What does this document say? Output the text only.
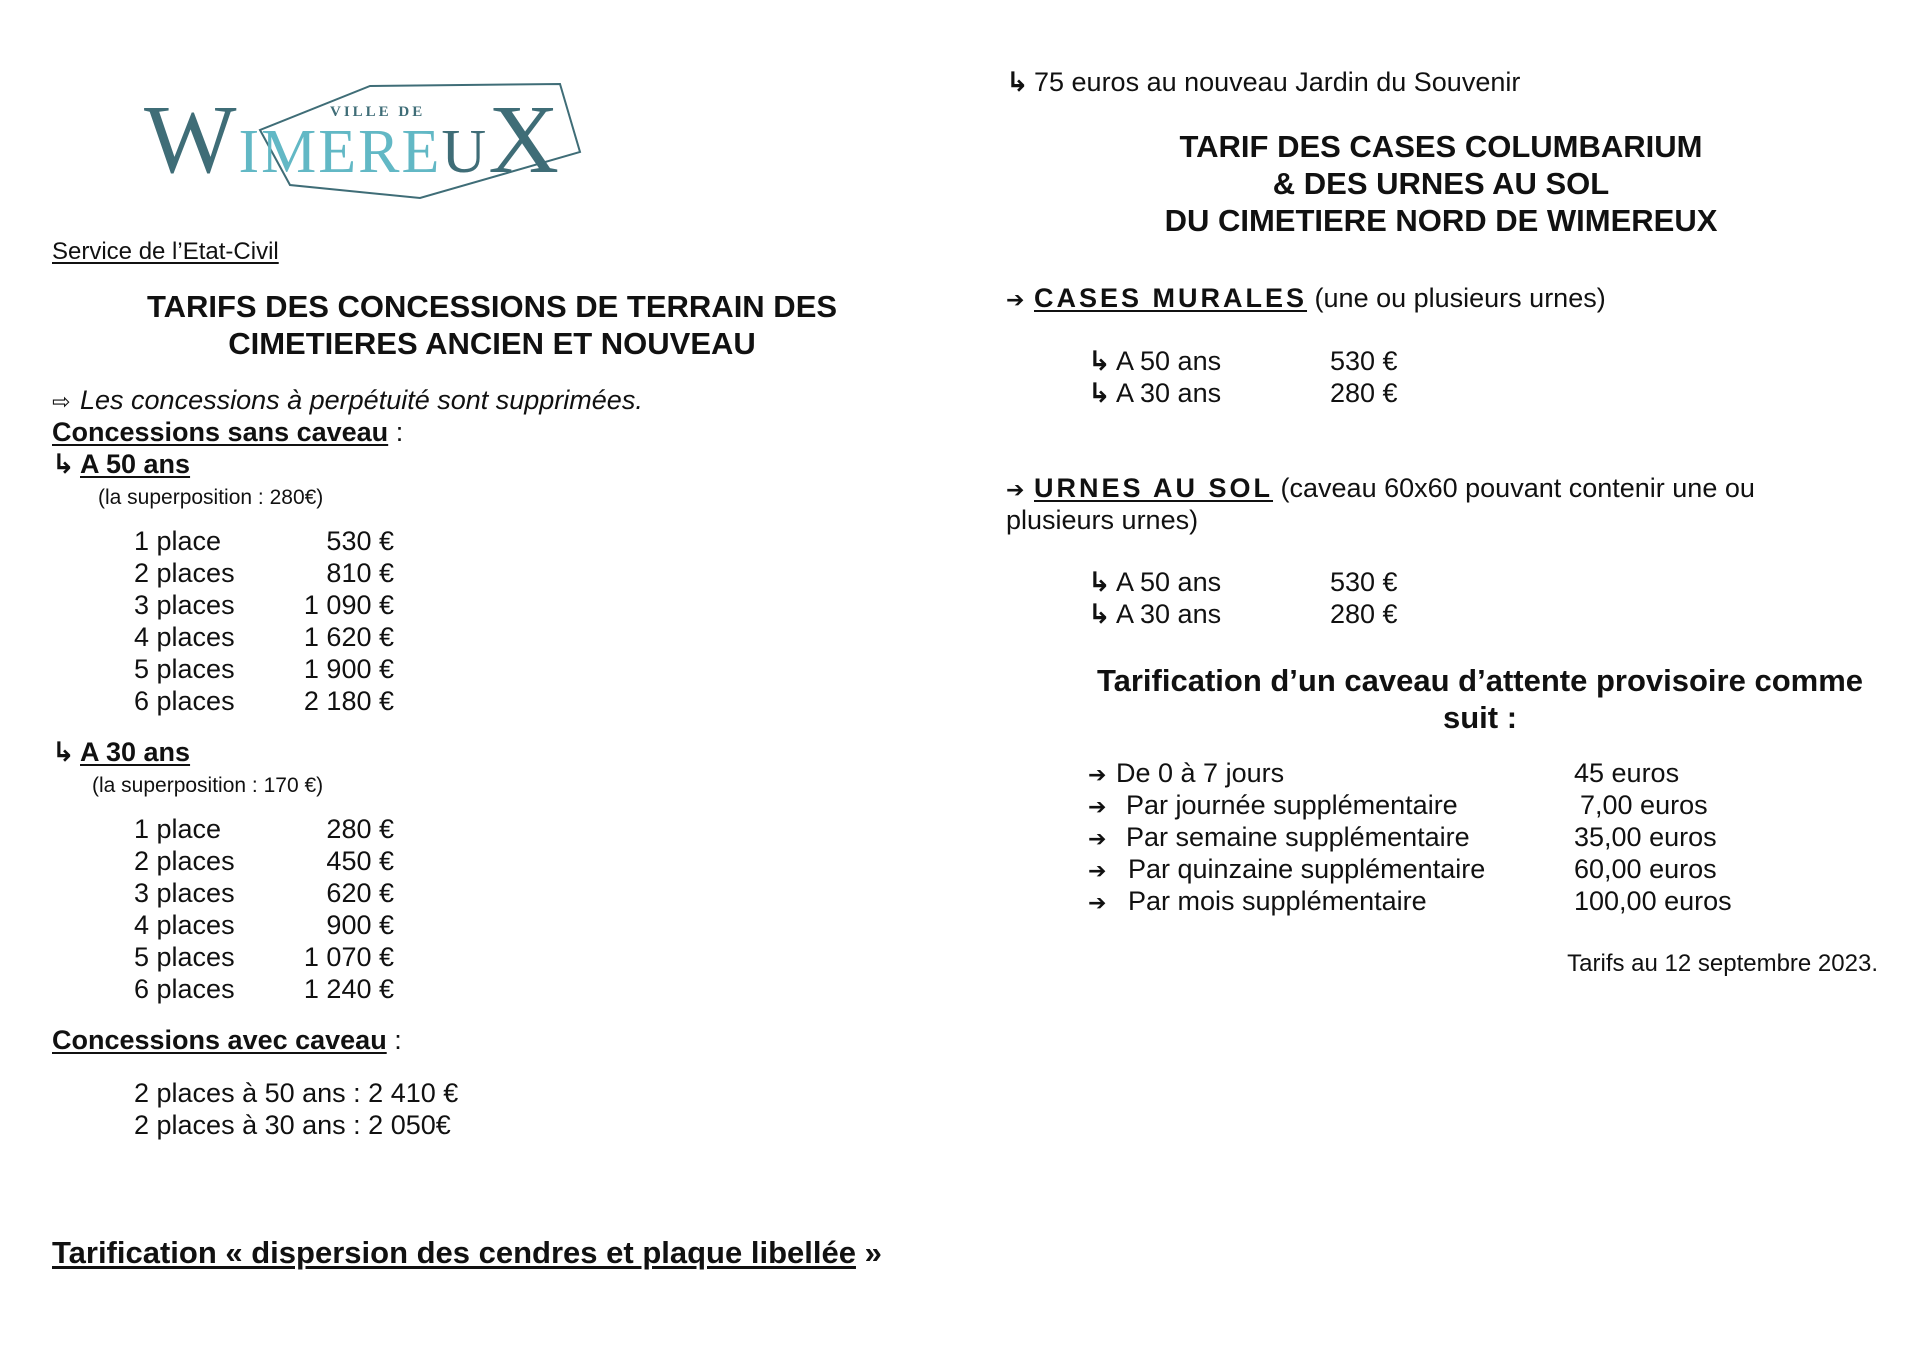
VILLE DE
WIMEREUX
Service de l’Etat-Civil
TARIFS DES CONCESSIONS DE TERRAIN DES
CIMETIERES ANCIEN ET NOUVEAU
⇨ Les concessions à perpétuité sont supprimées.
Concessions sans caveau :
↳ A 50 ans
(la superposition : 280€)
1 place	530 €
2 places	810 €
3 places	1 090 €
4 places	1 620 €
5 places	1 900 €
6 places	2 180 €
↳ A 30 ans
(la superposition : 170 €)
1 place	280 €
2 places	450 €
3 places	620 €
4 places	900 €
5 places	1 070 €
6 places	1 240 €
Concessions avec caveau :
2 places à 50 ans : 2 410 €
2 places à 30 ans : 2 050€
Tarification « dispersion des cendres et plaque libellée »
↳ 75 euros au nouveau Jardin du Souvenir
TARIF DES CASES COLUMBARIUM
& DES URNES AU SOL
DU CIMETIERE NORD DE WIMEREUX
➔ CASES MURALES (une ou plusieurs urnes)
↳ A 50 ans	530 €
↳ A 30 ans	280 €
➔ URNES AU SOL (caveau 60x60 pouvant contenir une ou
plusieurs urnes)
↳ A 50 ans	530 €
↳ A 30 ans	280 €
Tarification d’un caveau d’attente provisoire comme
suit :
➔ De 0 à 7 jours	45 euros
➔ Par journée supplémentaire	7,00 euros
➔ Par semaine supplémentaire	35,00 euros
➔ Par quinzaine supplémentaire	60,00 euros
➔ Par mois supplémentaire	100,00 euros
Tarifs au 12 septembre 2023.
